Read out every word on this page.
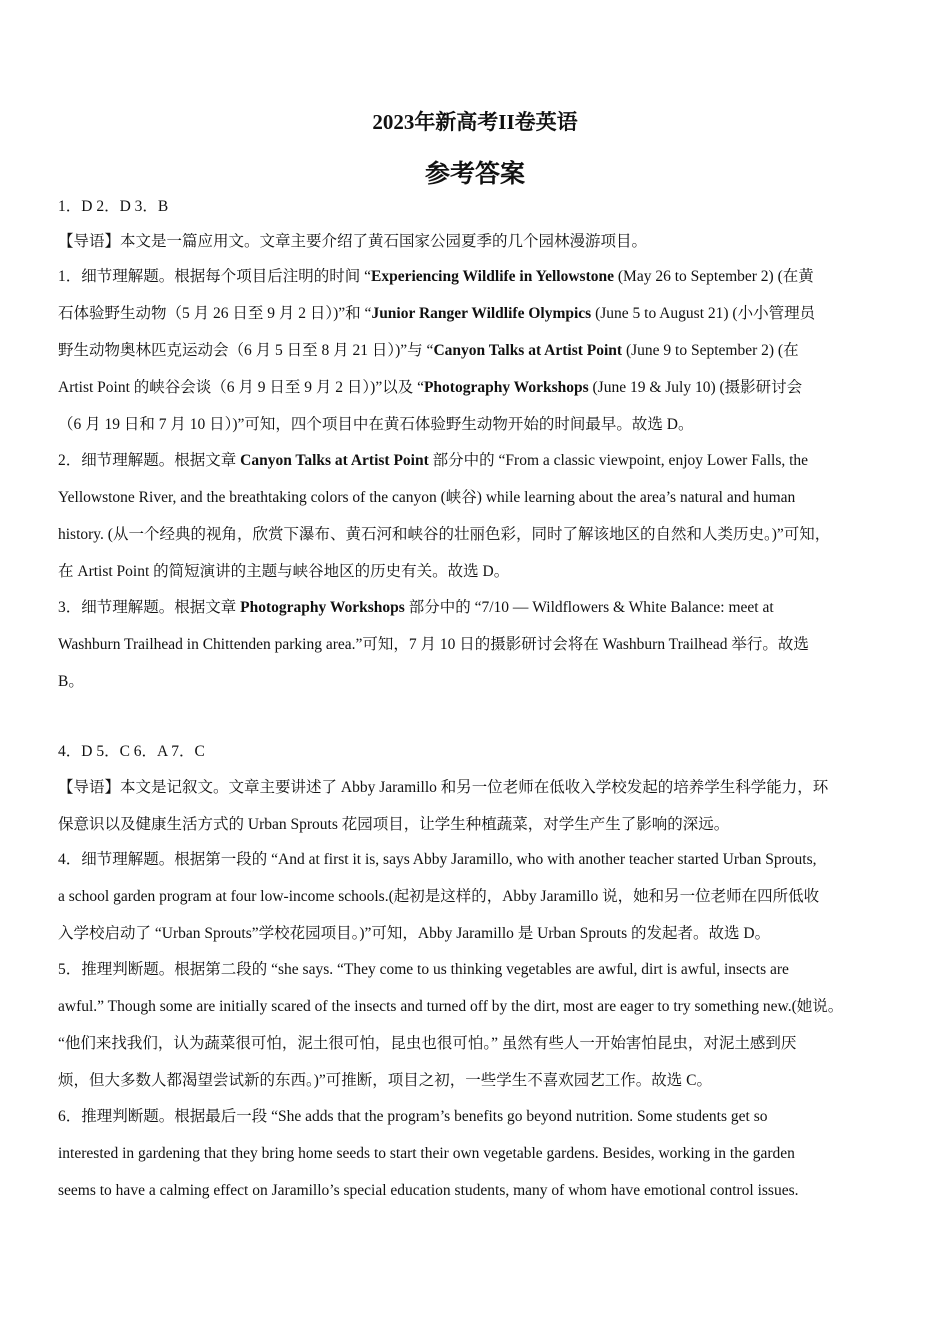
2023年新高考II卷英语
参考答案
1．D 2．D 3．B
【导语】本文是一篇应用文。文章主要介绍了黄石国家公园夏季的几个园林漫游项目。
1．细节理解题。根据每个项目后注明的时间 “Experiencing Wildlife in Yellowstone (May 26 to September 2) (在黄
石体验野生动物（5 月 26 日至 9 月 2 日）)”和 “Junior Ranger Wildlife Olympics (June 5 to August 21) (小小管理员
野生动物奥林匹克运动会（6 月 5 日至 8 月 21 日）)”与 “Canyon Talks at Artist Point (June 9 to September 2) (在
Artist Point 的峡谷会谈（6 月 9 日至 9 月 2 日）)”以及 “Photography Workshops (June 19 & July 10) (摄影研讨会
（6 月 19 日和 7 月 10 日）)”可知，四个项目中在黄石体验野生动物开始的时间最早。故选 D。
2．细节理解题。根据文章 Canyon Talks at Artist Point 部分中的 “From a classic viewpoint, enjoy Lower Falls, the
Yellowstone River, and the breathtaking colors of the canyon (峡谷) while learning about the area’s natural and human
history. (从一个经典的视角，欣赏下瀑布、黄石河和峡谷的壮丽色彩，同时了解该地区的自然和人类历史。)”可知，
在 Artist Point 的简短演讲的主题与峡谷地区的历史有关。故选 D。
3．细节理解题。根据文章 Photography Workshops 部分中的 “7/10 — Wildflowers & White Balance: meet at
Washburn Trailhead in Chittenden parking area.”可知，7 月 10 日的摄影研讨会将在 Washburn Trailhead 举行。故选
B。
4．D 5．C 6．A 7．C
【导语】本文是记叙文。文章主要讲述了 Abby Jaramillo 和另一位老师在低收入学校发起的培养学生科学能力，环
保意识以及健康生活方式的 Urban Sprouts 花园项目，让学生种植蔬菜，对学生产生了影响的深远。
4．细节理解题。根据第一段的 “And at first it is, says Abby Jaramillo, who with another teacher started Urban Sprouts,
a school garden program at four low-income schools.(起初是这样的，Abby Jaramillo 说，她和另一位老师在四所低收
入学校启动了 “Urban Sprouts”学校花园项目。)”可知，Abby Jaramillo 是 Urban Sprouts 的发起者。故选 D。
5．推理判断题。根据第二段的 “she says. “They come to us thinking vegetables are awful, dirt is awful, insects are
awful.” Though some are initially scared of the insects and turned off by the dirt, most are eager to try something new.(她说。
“他们来找我们，认为蔬菜很可怕，泥土很可怕，昆虫也很可怕。” 虽然有些人一开始害怕昆虫，对泥土感到厌
烦，但大多数人都渴望尝试新的东西。)”可推断，项目之初，一些学生不喜欢园艺工作。故选 C。
6．推理判断题。根据最后一段 “She adds that the program’s benefits go beyond nutrition. Some students get so
interested in gardening that they bring home seeds to start their own vegetable gardens. Besides, working in the garden
seems to have a calming effect on Jaramillo’s special education students, many of whom have emotional control issues.
